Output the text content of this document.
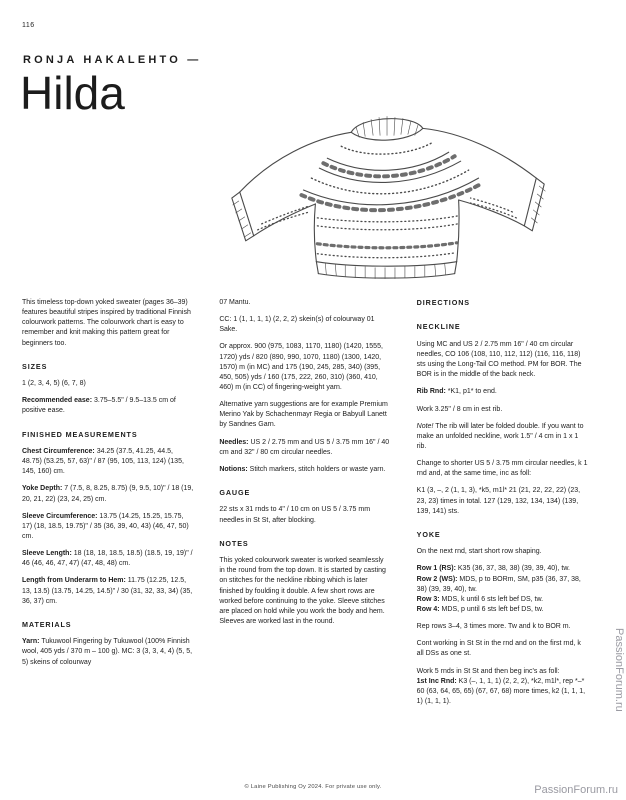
116
RONJA HAKALEHTO —
Hilda

This timeless top-down yoked sweater (pages 36–39) features beautiful stripes inspired by traditional Finnish colourwork patterns. The colourwork chart is easy to remember and knit making this pattern great for beginners too.

SIZES

1 (2, 3, 4, 5) (6, 7, 8)

Recommended ease: 3.75–5.5" / 9.5–13.5 cm of positive ease.

FINISHED MEASUREMENTS

Chest Circumference: 34.25 (37.5, 41.25, 44.5, 48.75) (53.25, 57, 63)" / 87 (95, 105, 113, 124) (135, 145, 160) cm.

Yoke Depth: 7 (7.5, 8, 8.25, 8.75) (9, 9.5, 10)" / 18 (19, 20, 21, 22) (23, 24, 25) cm.

Sleeve Circumference: 13.75 (14.25, 15.25, 15.75, 17) (18, 18.5, 19.75)" / 35 (36, 39, 40, 43) (46, 47, 50) cm.

Sleeve Length: 18 (18, 18, 18.5, 18.5) (18.5, 19, 19)" / 46 (46, 46, 47, 47) (47, 48, 48) cm.

Length from Underarm to Hem: 11.75 (12.25, 12.5, 13, 13.5) (13.75, 14.25, 14.5)" / 30 (31, 32, 33, 34) (35, 36, 37) cm.

MATERIALS

Yarn: Tukuwool Fingering by Tukuwool (100% Finnish wool, 405 yds / 370 m – 100 g). MC: 3 (3, 3, 4, 4) (5, 5, 5) skeins of colourway

07 Mantu.

CC: 1 (1, 1, 1, 1) (2, 2, 2) skein(s) of colourway 01 Sake.

Or approx. 900 (975, 1083, 1170, 1180) (1420, 1555, 1720) yds / 820 (890, 990, 1070, 1180) (1300, 1420, 1570) m (in MC) and 175 (190, 245, 285, 340) (395, 450, 505) yds / 160 (175, 222, 260, 310) (360, 410, 460) m (in CC) of fingering-weight yarn.

Alternative yarn suggestions are for example Premium Merino Yak by Schachenmayr Regia or Babyull Lanett by Sandnes Garn.

Needles: US 2 / 2.75 mm and US 5 / 3.75 mm 16" / 40 cm and 32" / 80 cm circular needles.

Notions: Stitch markers, stitch holders or waste yarn.

GAUGE

22 sts x 31 rnds to 4" / 10 cm on US 5 / 3.75 mm needles in St St, after blocking.

NOTES

This yoked colourwork sweater is worked seamlessly in the round from the top down. It is started by casting on stitches for the neckline ribbing which is later finished by foulding it double. A few short rows are worked before continuing to the yoke. Sleeve stitches are placed on hold while you work the body and hem. Sleeves are worked last in the round.

DIRECTIONS
NECKLINE

Using MC and US 2 / 2.75 mm 16" / 40 cm circular needles, CO 106 (108, 110, 112, 112) (116, 116, 118) sts using the Long-Tail CO method. PM for BOR. The BOR is in the middle of the back neck.

Rib Rnd: *K1, p1* to end.

Work 3.25" / 8 cm in est rib.

Note! The rib will later be folded double. If you want to make an unfolded neckline, work 1.5" / 4 cm in 1 x 1 rib.

Change to shorter US 5 / 3.75 mm circular needles, k 1 rnd and, at the same time, inc as foll:

K1 (3, –, 2 (1, 1, 3), *k5, m1l* 21 (21, 22, 22, 22) (23, 23, 23) times in total. 127 (129, 132, 134, 134) (139, 139, 141) sts.

YOKE

On the next rnd, start short row shaping.

Row 1 (RS): K35 (36, 37, 38, 38) (39, 39, 40), tw.

Row 2 (WS): MDS, p to BORm, SM, p35 (36, 37, 38, 38) (39, 39, 40), tw.

Row 3: MDS, k until 6 sts left bef DS, tw.

Row 4: MDS, p until 6 sts left bef DS, tw.

Rep rows 3–4, 3 times more. Tw and k to BOR m.

Cont working in St St in the rnd and on the first rnd, k all DSs as one st.

Work 5 rnds in St St and then beg inc's as foll:

1st Inc Rnd: K3 (–, 1, 1, 1) (2, 2, 2), *k2, m1l*, rep *–* 60 (63, 64, 65, 65) (67, 67, 68) more times, k2 (1, 1, 1, 1) (1, 1, 1).

© Laine Publishing Oy 2024. For private use only.
PassionForum.ru
PassionForum.ru
